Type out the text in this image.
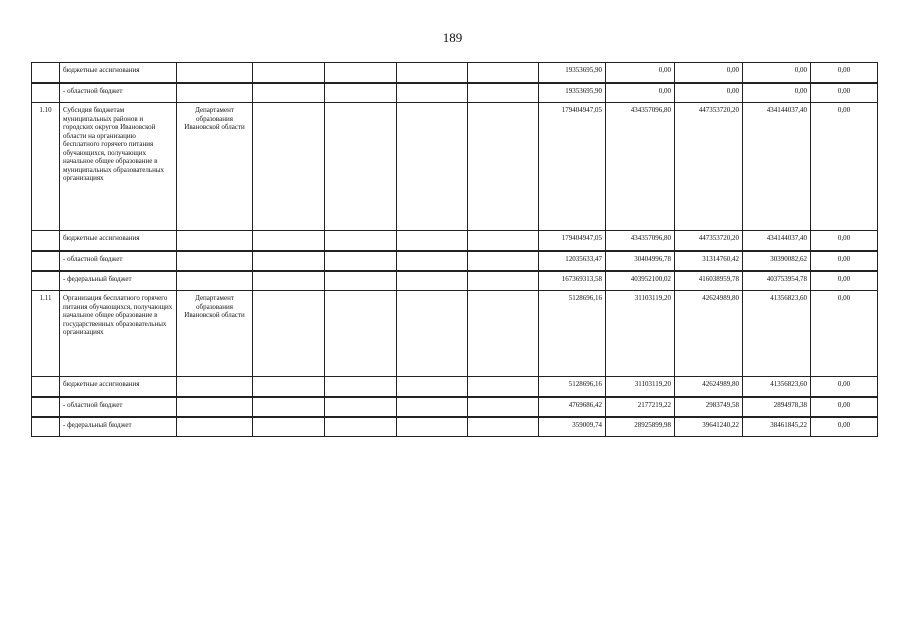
189
	бюджетные ассигнования						19353695,90	0,00	0,00	0,00	0,00
	- областной бюджет						19353695,90	0,00	0,00	0,00	0,00
1.10	Субсидия бюджетам муниципальных районов и городских округов Ивановской области на организацию бесплатного горячего питания обучающихся, получающих начальное общее образование в муниципальных образовательных организациях	Департамент образования Ивановской области					179404947,05	434357096,80	447353720,20	434144037,40	0,00
	бюджетные ассигнования						179404947,05	434357096,80	447353720,20	434144037,40	0,00
	- областной бюджет						12035633,47	30404996,78	31314760,42	30390082,62	0,00
	- федеральный бюджет						167369313,58	403952100,02	416038959,78	403753954,78	0,00
1.11	Организация бесплатного горячего питания обучающихся, получающих начальное общее образование в государственных образовательных организациях	Департамент образования Ивановской области					5128696,16	31103119,20	42624989,80	41356823,60	0,00
	бюджетные ассигнования						5128696,16	31103119,20	42624989,80	41356823,60	0,00
	- областной бюджет						4769686,42	2177219,22	2983749,58	2894978,38	0,00
	- федеральный бюджет						359009,74	28925899,98	39641240,22	38461845,22	0,00
